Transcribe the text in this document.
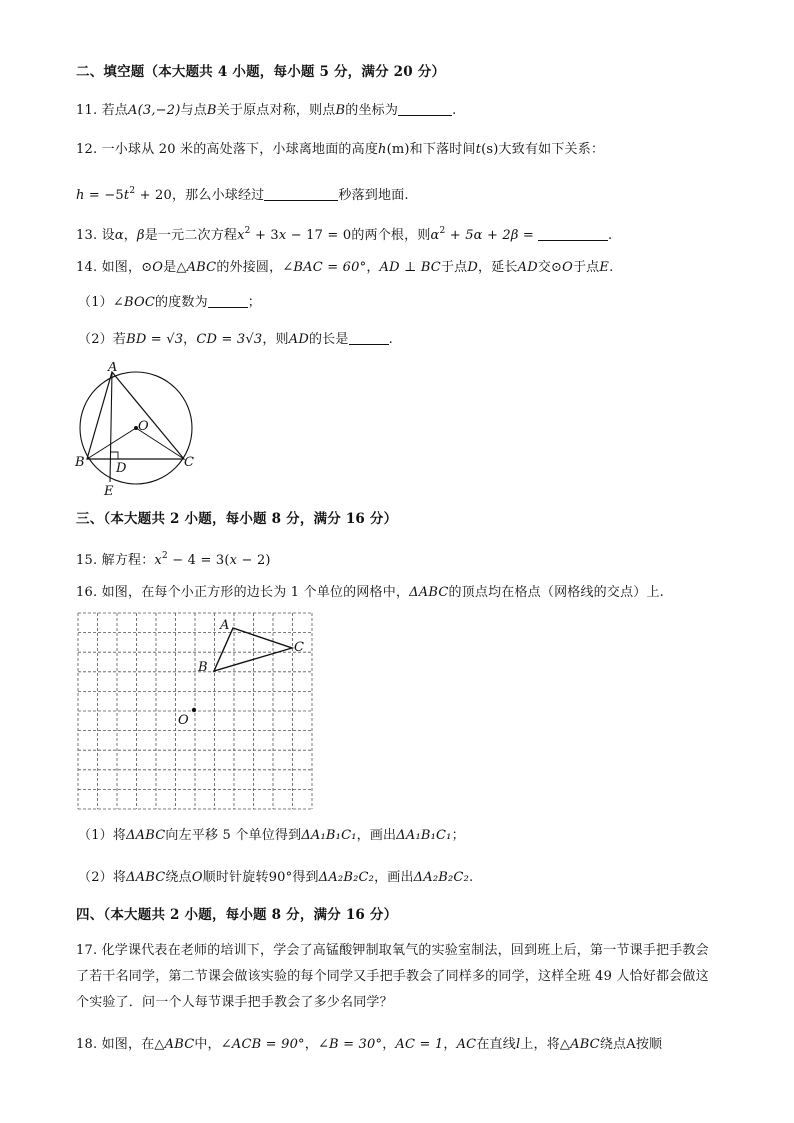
二、填空题（本大题共 4 小题，每小题 5 分，满分 20 分）
11. 若点A(3,−2)与点B关于原点对称，则点B的坐标为	.
12. 一小球从 20 米的高处落下，小球离地面的高度h(m)和下落时间t(s)大致有如下关系：
$h = -5t^2 + 20$，那么小球经过	秒落到地面.
13. 设α，β是一元二次方程$x^2 + 3x - 17 = 0$的两个根，则$\alpha^2 + 5\alpha + 2\beta$ =	.
14. 如图，⊙O是△ABC的外接圆，∠BAC = 60°，AD ⊥ BC于点D，延长AD交⊙O于点E.
（1）∠BOC的度数为	；
（2）若BD = √3，CD = 3√3，则AD的长是	.
A
B	C
D
E
O
三、（本大题共 2 小题，每小题 8 分，满分 16 分）
15. 解方程：$x^2 - 4 = 3(x - 2)$
16. 如图，在每个小正方形的边长为 1 个单位的网格中，ΔABC的顶点均在格点（网格线的交点）上.
A
B
C
O
（1）将ΔABC向左平移 5 个单位得到ΔA₁B₁C₁，画出ΔA₁B₁C₁；
（2）将ΔABC绕点O顺时针旋转90°得到ΔA₂B₂C₂，画出ΔA₂B₂C₂.
四、（本大题共 2 小题，每小题 8 分，满分 16 分）
17. 化学课代表在老师的培训下，学会了高锰酸钾制取氧气的实验室制法，回到班上后，第一节课手把手教会了若干名同学，第二节课会做该实验的每个同学又手把手教会了同样多的同学，这样全班 49 人恰好都会做这个实验了．问一个人每节课手把手教会了多少名同学？
18. 如图，在△ABC中，∠ACB = 90°，∠B = 30°，AC = 1，AC在直线l上，将△ABC绕点A按顺
